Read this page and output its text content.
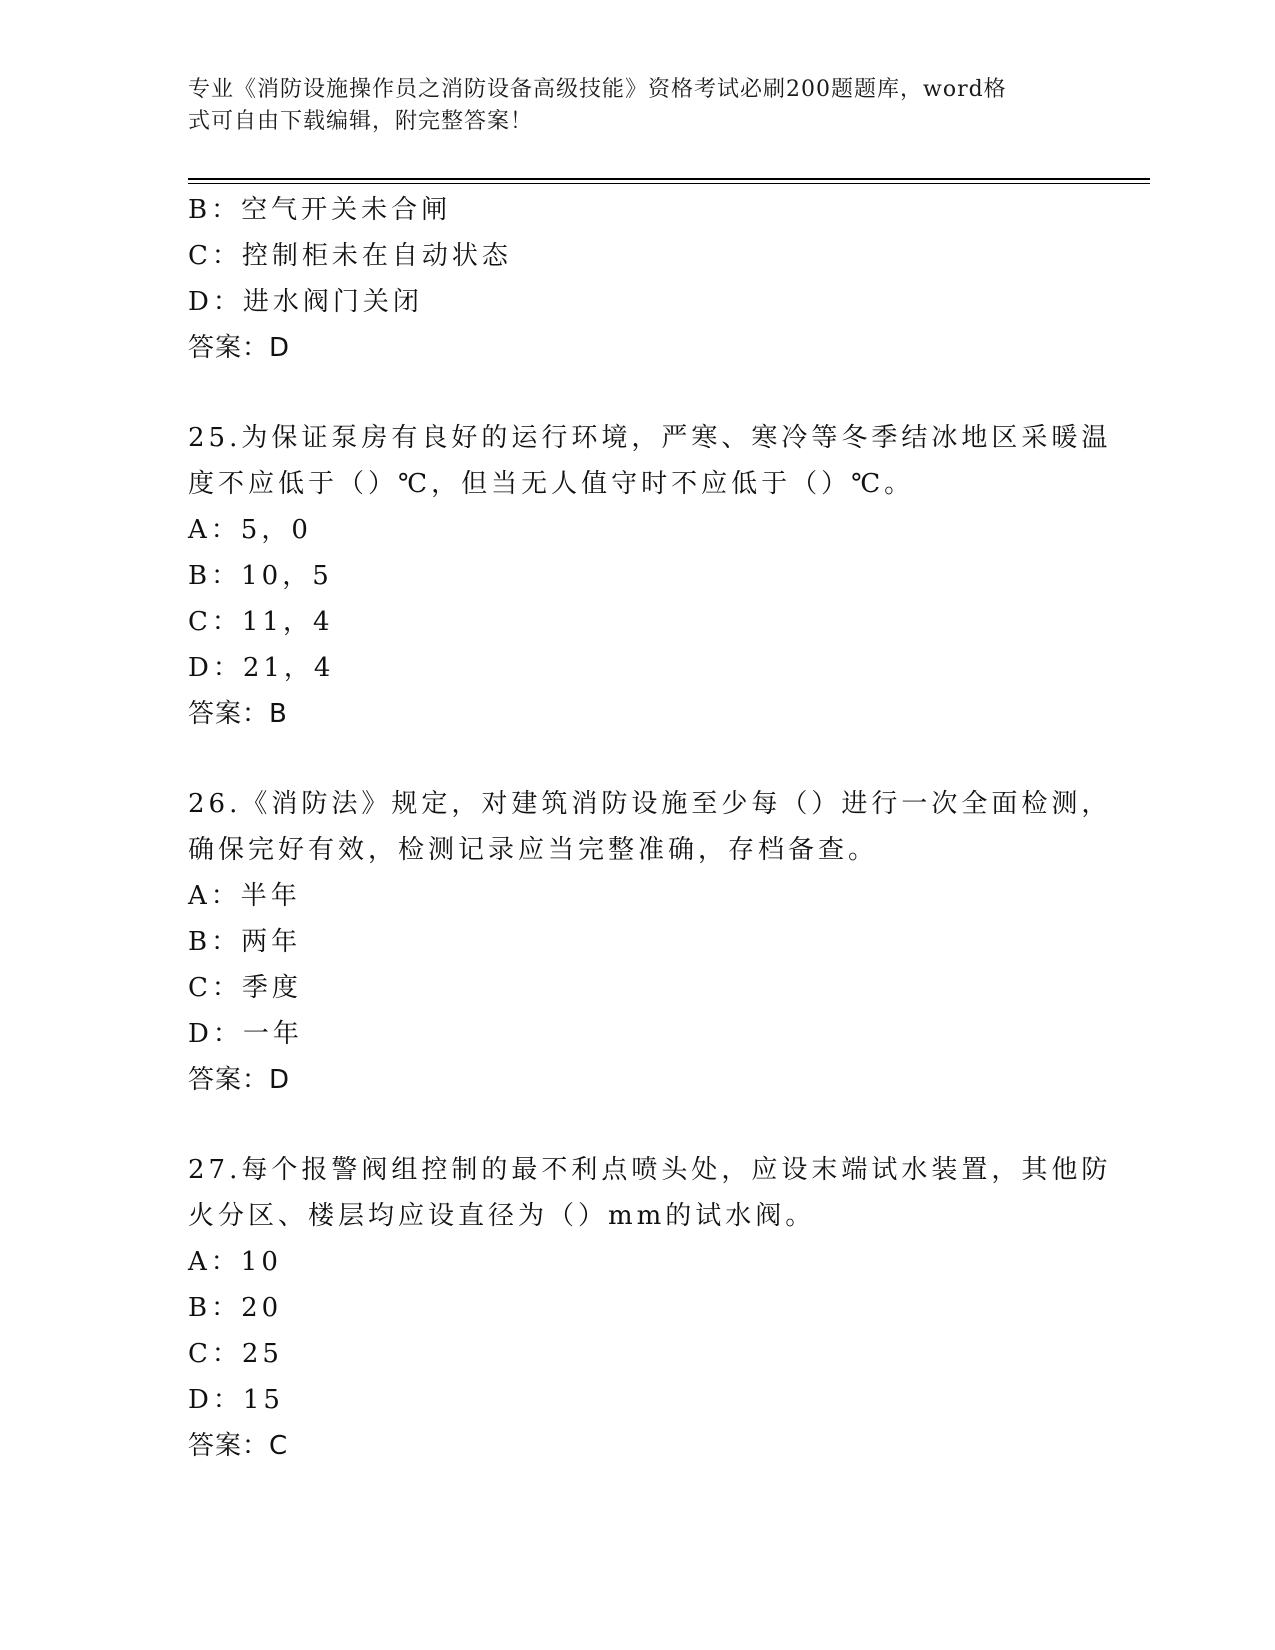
专业《消防设施操作员之消防设备高级技能》资格考试必刷200题题库，word格
式可自由下载编辑，附完整答案！
B：空气开关未合闸
C：控制柜未在自动状态
D：进水阀门关闭
答案：D
25.为保证泵房有良好的运行环境，严寒、寒冷等冬季结冰地区采暖温
度不应低于（）℃，但当无人值守时不应低于（）℃。
A：5，0
B：10，5
C：11，4
D：21，4
答案：B
26.《消防法》规定，对建筑消防设施至少每（）进行一次全面检测，
确保完好有效，检测记录应当完整准确，存档备查。
A：半年
B：两年
C：季度
D：一年
答案：D
27.每个报警阀组控制的最不利点喷头处，应设末端试水装置，其他防
火分区、楼层均应设直径为（）mm的试水阀。
A：10
B：20
C：25
D：15
答案：C
